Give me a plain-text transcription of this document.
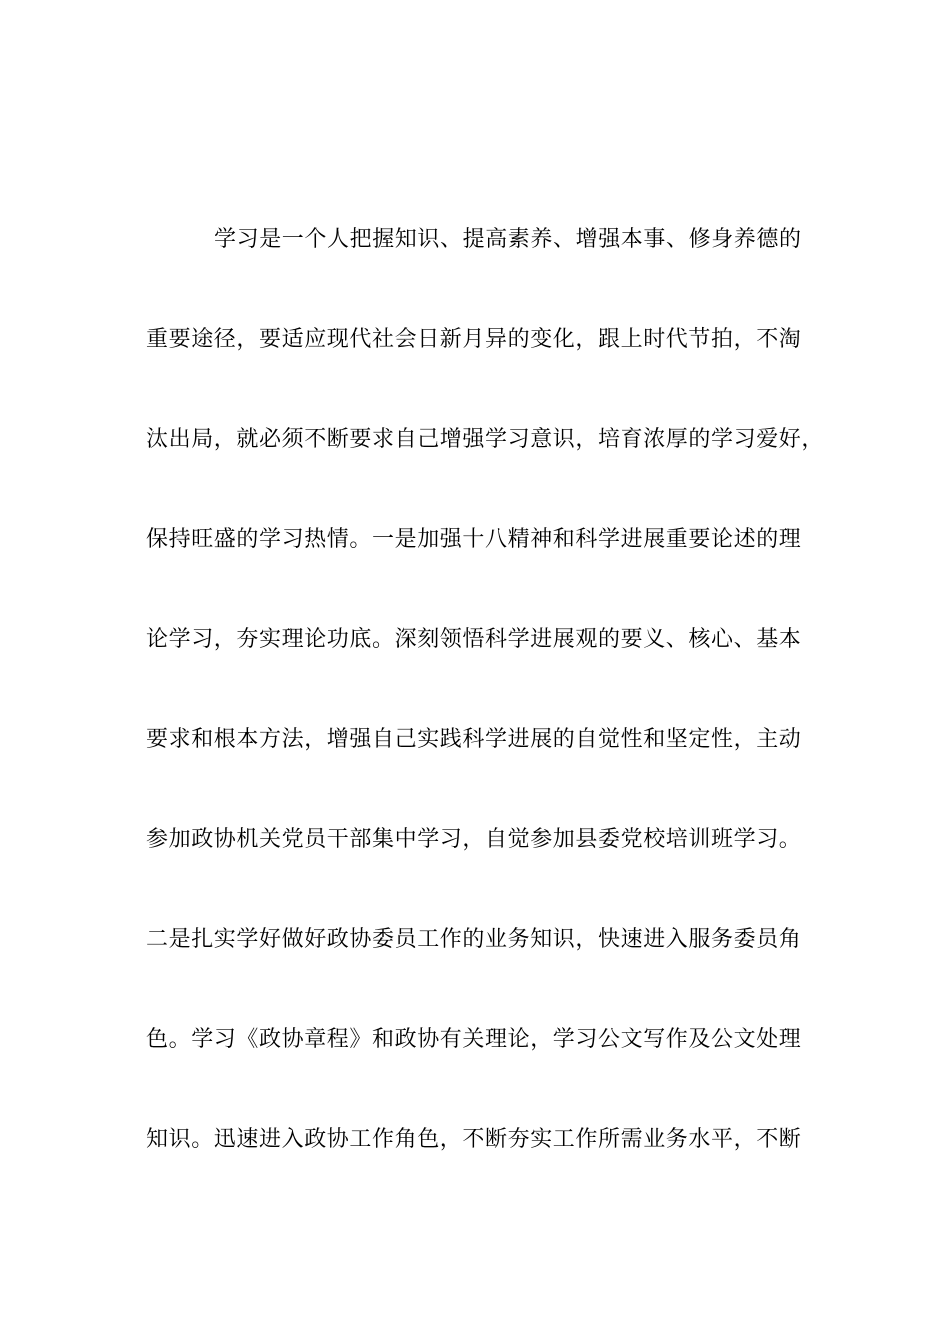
学习是一个人把握知识、提高素养、增强本事、修身养德的
重要途径，要适应现代社会日新月异的变化，跟上时代节拍，不淘
汰出局，就必须不断要求自己增强学习意识，培育浓厚的学习爱好，
保持旺盛的学习热情。一是加强十八精神和科学进展重要论述的理
论学习，夯实理论功底。深刻领悟科学进展观的要义、核心、基本
要求和根本方法，增强自己实践科学进展的自觉性和坚定性，主动
参加政协机关党员干部集中学习，自觉参加县委党校培训班学习。
二是扎实学好做好政协委员工作的业务知识，快速进入服务委员角
色。学习《政协章程》和政协有关理论，学习公文写作及公文处理
知识。迅速进入政协工作角色，不断夯实工作所需业务水平，不断
